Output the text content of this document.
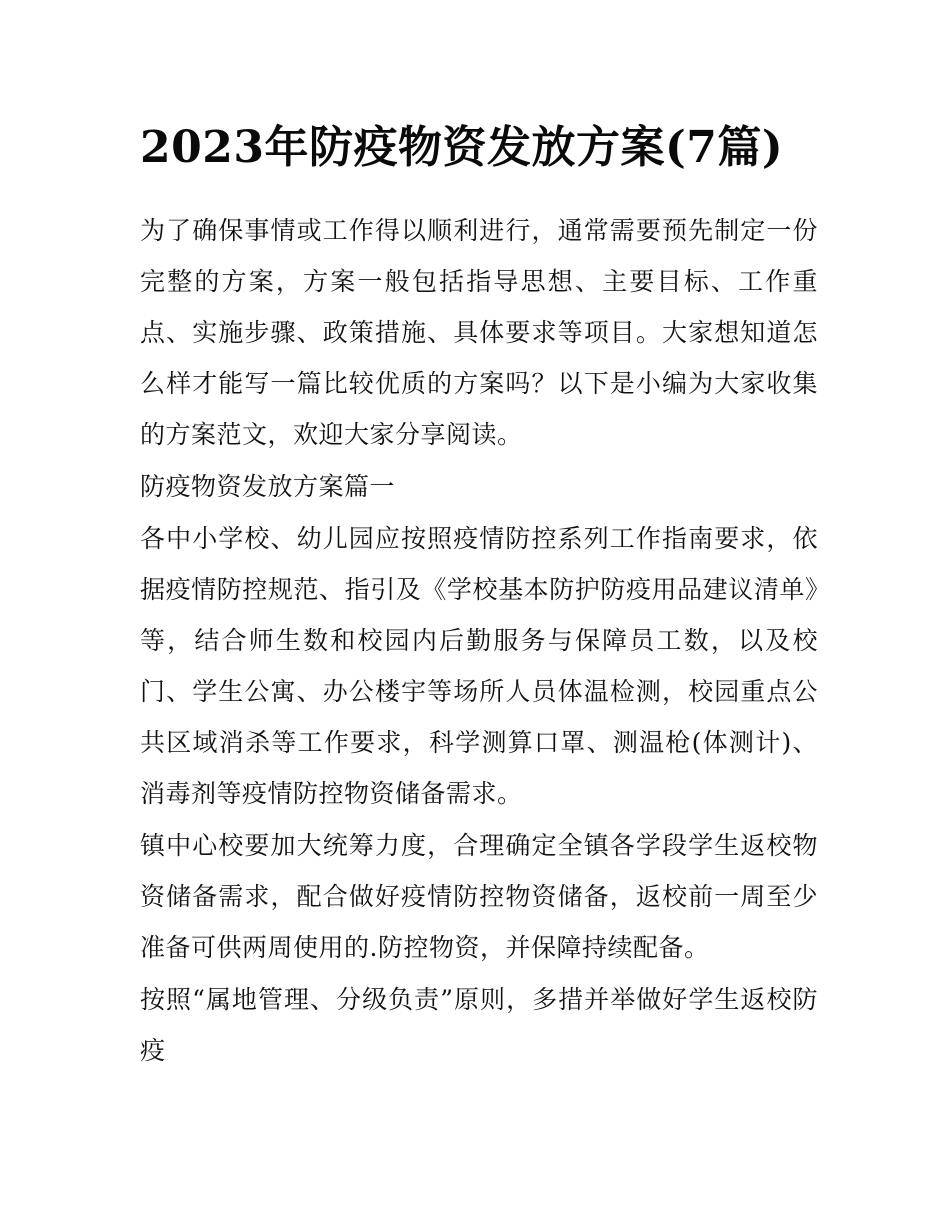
2023年防疫物资发放方案(7篇)

为了确保事情或工作得以顺利进行，通常需要预先制定一份完整的方案，方案一般包括指导思想、主要目标、工作重点、实施步骤、政策措施、具体要求等项目。大家想知道怎么样才能写一篇比较优质的方案吗？以下是小编为大家收集的方案范文，欢迎大家分享阅读。

防疫物资发放方案篇一

各中小学校、幼儿园应按照疫情防控系列工作指南要求，依据疫情防控规范、指引及《学校基本防护防疫用品建议清单》等，结合师生数和校园内后勤服务与保障员工数，以及校门、学生公寓、办公楼宇等场所人员体温检测，校园重点公共区域消杀等工作要求，科学测算口罩、测温枪(体测计)、消毒剂等疫情防控物资储备需求。

镇中心校要加大统筹力度，合理确定全镇各学段学生返校物资储备需求，配合做好疫情防控物资储备，返校前一周至少准备可供两周使用的.防控物资，并保障持续配备。

按照“属地管理、分级负责”原则，多措并举做好学生返校防疫
